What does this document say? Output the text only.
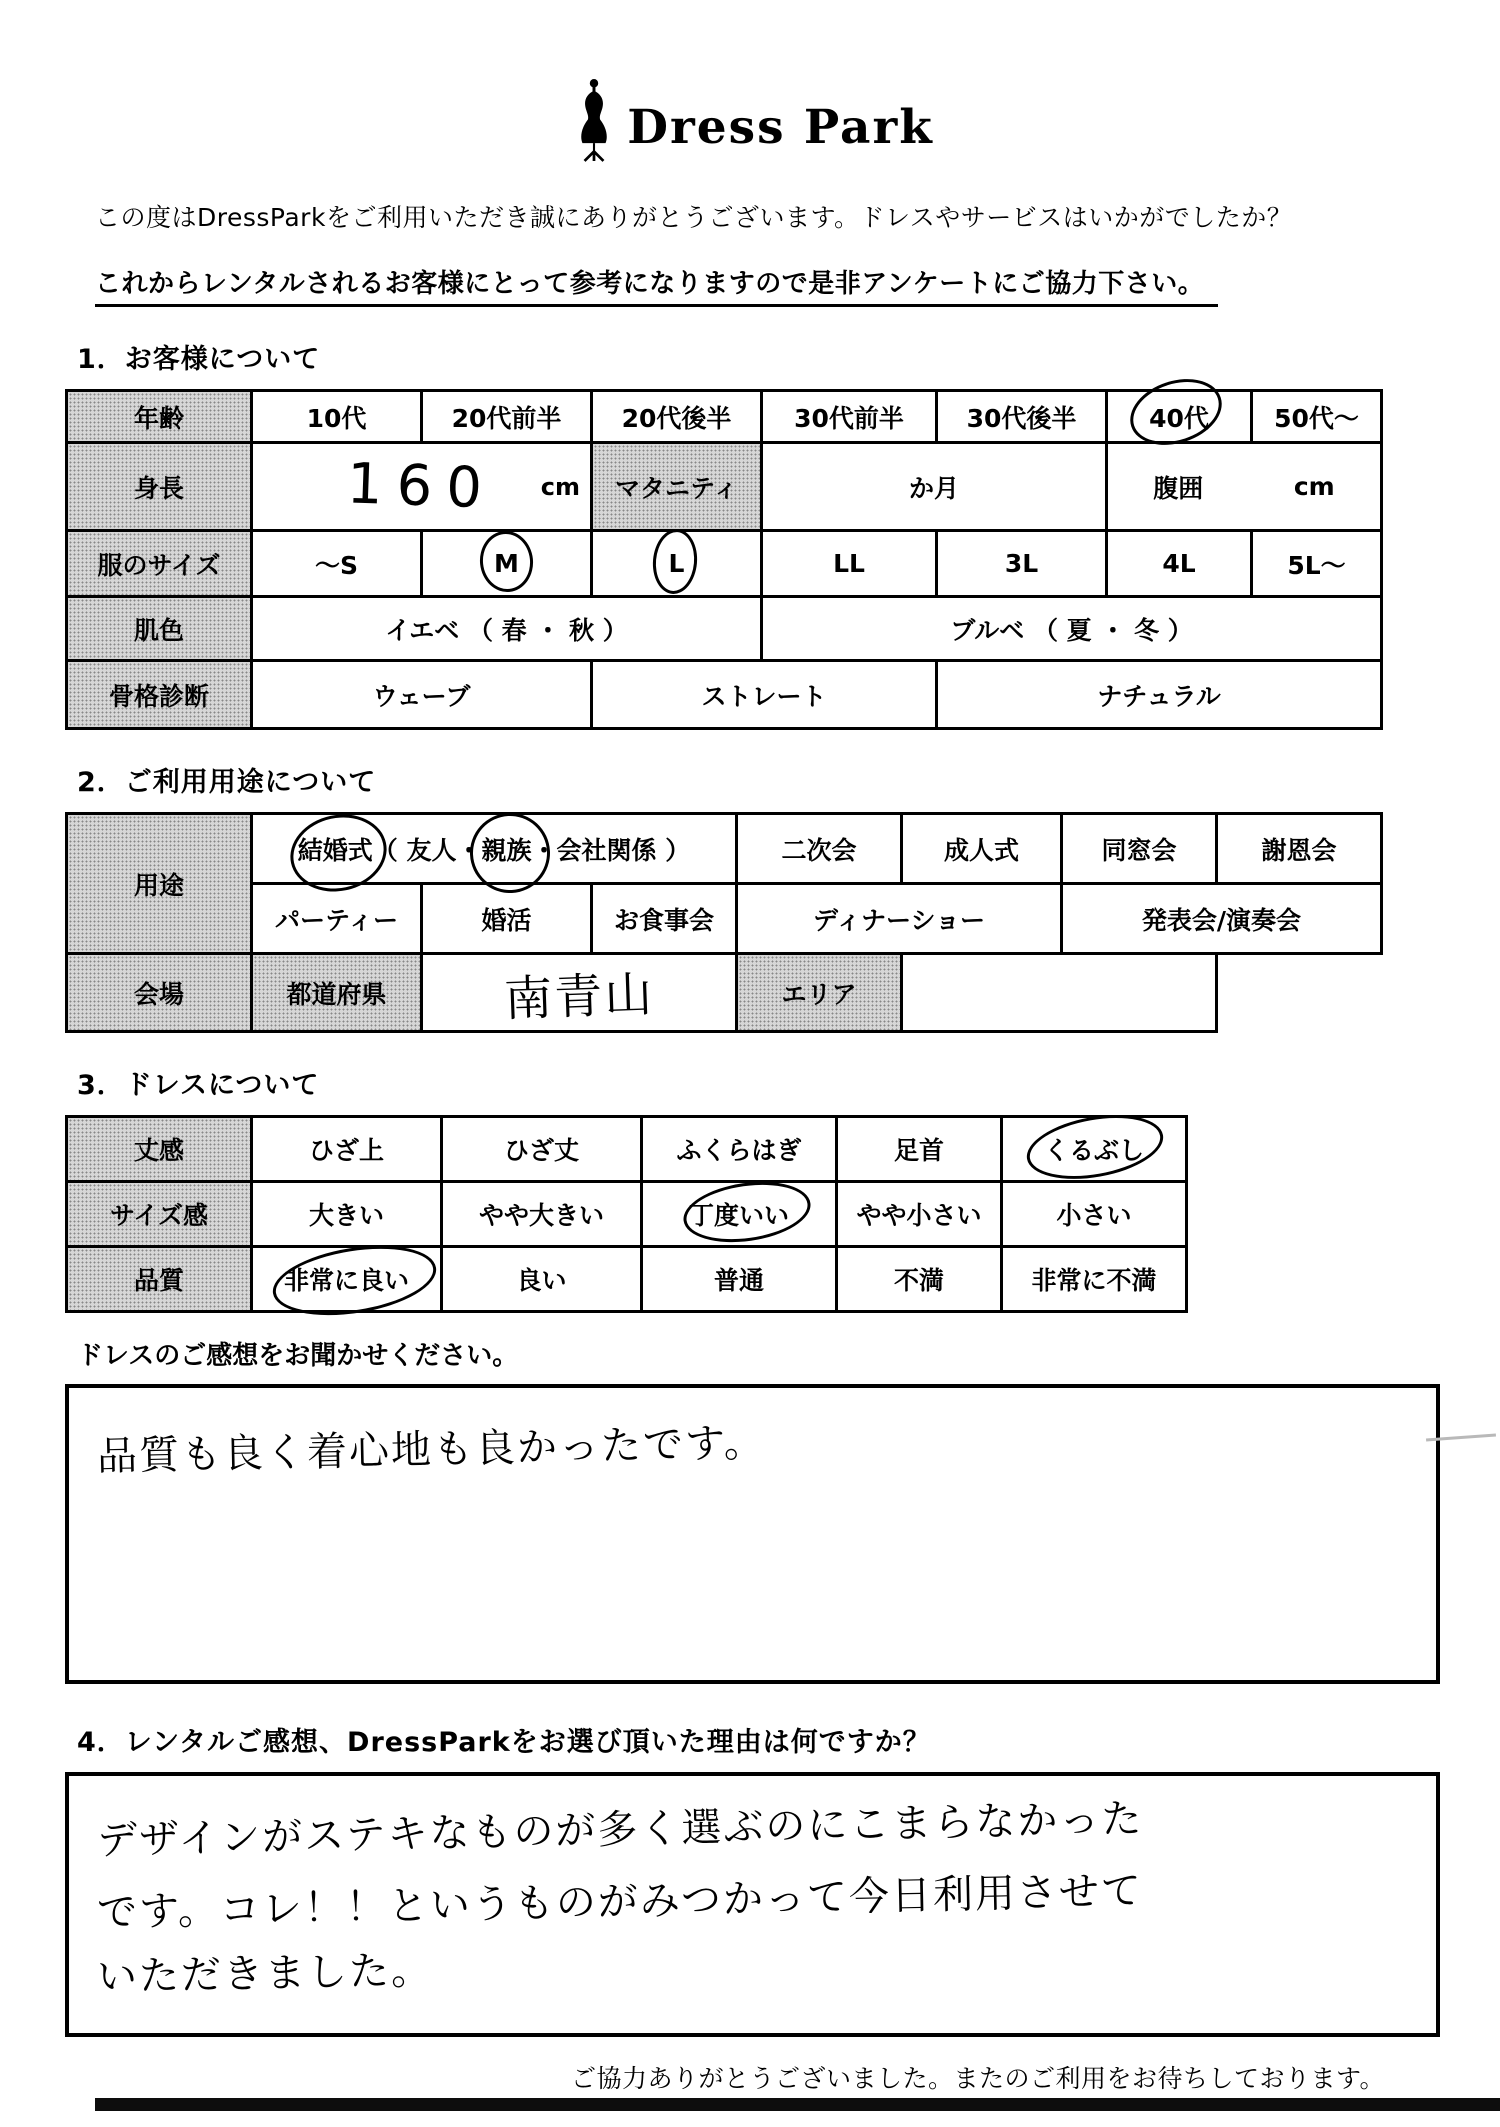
Dress Park
この度はDressParkをご利用いただき誠にありがとうございます。ドレスやサービスはいかがでしたか？

これからレンタルされるお客様にとって参考になりますので是非アンケートにご協力下さい。
1．お客様について
年齢	10代	20代前半	20代後半	30代前半	30代後半	40代	50代～
身長	160 cm		マタニティ	か月		腹囲 cm	

服のサイズ	～S	M	L	LL	3L	4L	5L～
肌色	イエベ （ 春 ・ 秋 ）			ブルベ （ 夏 ・ 冬 ）			
骨格診断	ウェーブ		ストレート		ナチュラル		
2．ご利用用途について
用途	結婚式（ 友人・親族・会社関係 ）			二次会	成人式	同窓会	謝恩会
	パーティー	婚活	お食事会	ディナーショー		発表会/演奏会	
会場	都道府県	南青山		エリア			
3．ドレスについて
丈感	ひざ上	ひざ丈	ふくらはぎ	足首	くるぶし
サイズ感	大きい	やや大きい	丁度いい	やや小さい	小さい
品質	非常に良い	良い	普通	不満	非常に不満
ドレスのご感想をお聞かせください。
品質も良く着心地も良かったです。
4．レンタルご感想、DressParkをお選び頂いた理由は何ですか？
デザインがステキなものが多く選ぶのにこまらなかった です。コレ！！というものがみつかって今日利用させて いただきました。
ご協力ありがとうございました。またのご利用をお待ちしております。
